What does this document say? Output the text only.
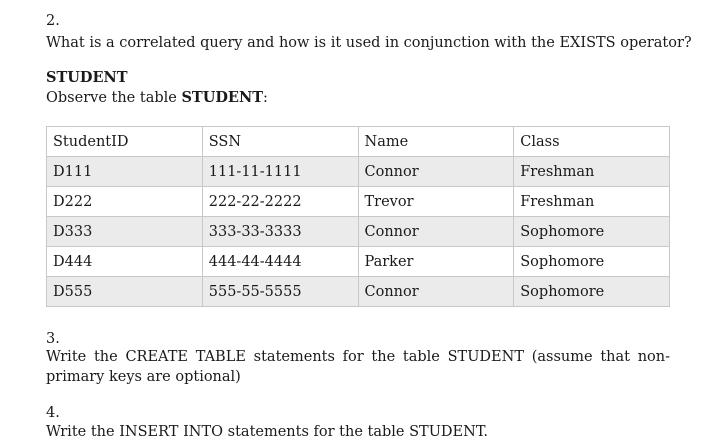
2.
What is a correlated query and how is it used in conjunction with the EXISTS operator?
STUDENT
Observe the table STUDENT:
StudentID	SSN	Name	Class
D111	111-11-1111	Connor	Freshman
D222	222-22-2222	Trevor	Freshman
D333	333-33-3333	Connor	Sophomore
D444	444-44-4444	Parker	Sophomore
D555	555-55-5555	Connor	Sophomore
3.
Write the CREATE TABLE statements for the table STUDENT (assume that non-primary keys are optional)
4.
Write the INSERT INTO statements for the table STUDENT.
